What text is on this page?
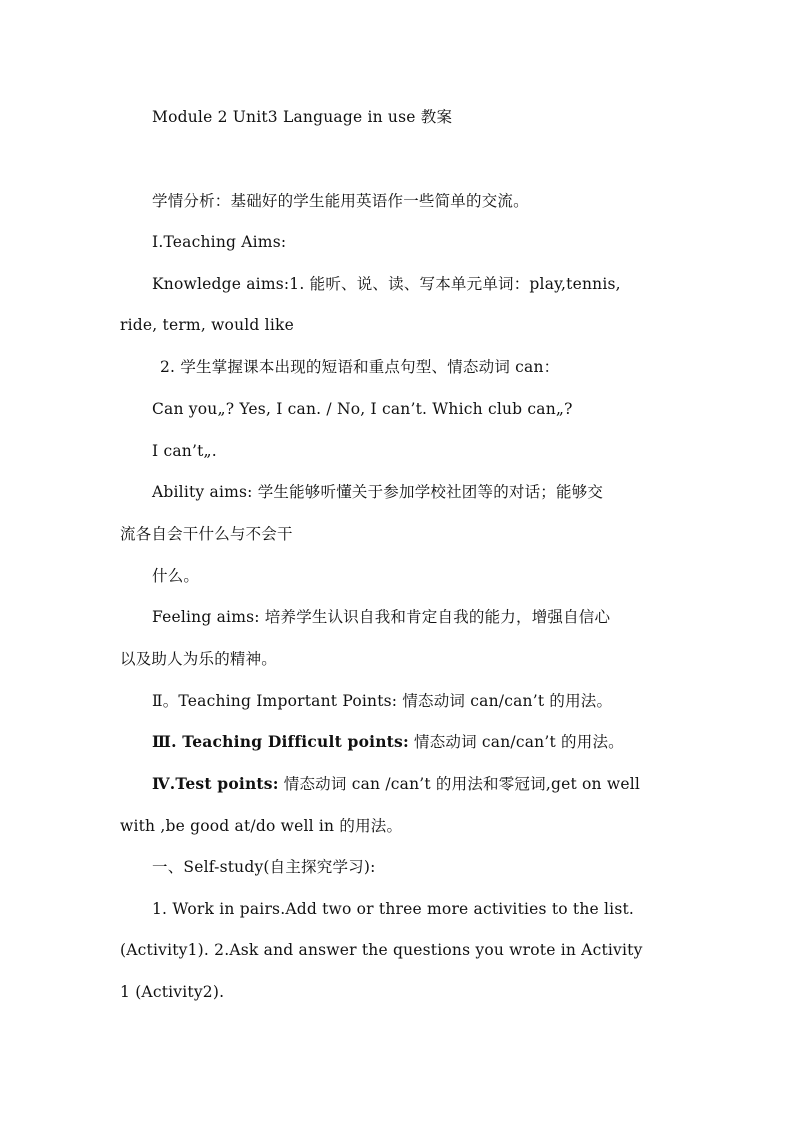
Module 2 Unit3 Language in use 教案
学情分析：基础好的学生能用英语作一些简单的交流。
Ⅰ.Teaching Aims:
Knowledge aims:1. 能听、说、读、写本单元单词：play,tennis,
ride, term, would like
2. 学生掌握课本出现的短语和重点句型、情态动词 can：
Can you„? Yes, I can. / No, I can’t. Which club can„?
I can’t„.
Ability aims: 学生能够听懂关于参加学校社团等的对话；能够交
流各自会干什么与不会干
什么。
Feeling aims: 培养学生认识自我和肯定自我的能力，增强自信心
以及助人为乐的精神。
Ⅱ。Teaching Important Points: 情态动词 can/can’t 的用法。
Ⅲ. Teaching Difficult points: 情态动词 can/can’t 的用法。
Ⅳ.Test points: 情态动词 can /can’t 的用法和零冠词,get on well
with ,be good at/do well in 的用法。
一、Self-study(自主探究学习):
1. Work in pairs.Add two or three more activities to the list.
(Activity1). 2.Ask and answer the questions you wrote in Activity
1 (Activity2).
